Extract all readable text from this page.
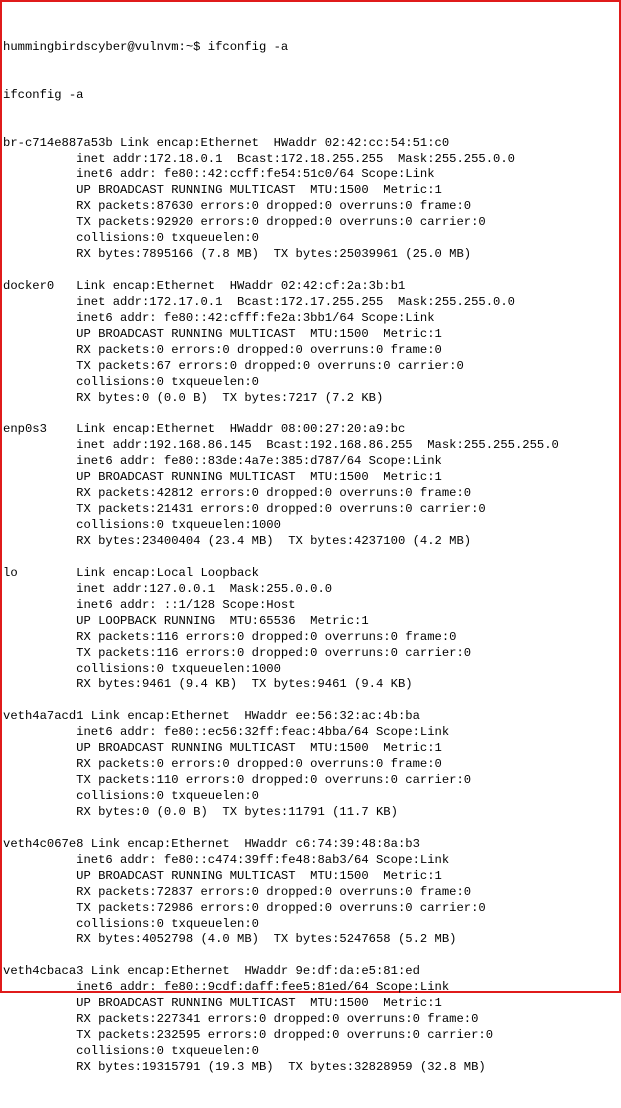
hummingbirdscyber@vulnvm:~$ ifconfig -a

ifconfig -a

br-c714e887a53b Link encap:Ethernet  HWaddr 02:42:cc:54:51:c0
inet addr:172.18.0.1  Bcast:172.18.255.255  Mask:255.255.0.0
inet6 addr: fe80::42:ccff:fe54:51c0/64 Scope:Link
UP BROADCAST RUNNING MULTICAST  MTU:1500  Metric:1
RX packets:87630 errors:0 dropped:0 overruns:0 frame:0
TX packets:92920 errors:0 dropped:0 overruns:0 carrier:0
collisions:0 txqueuelen:0
RX bytes:7895166 (7.8 MB)  TX bytes:25039961 (25.0 MB)
docker0   Link encap:Ethernet  HWaddr 02:42:cf:2a:3b:b1
inet addr:172.17.0.1  Bcast:172.17.255.255  Mask:255.255.0.0
inet6 addr: fe80::42:cfff:fe2a:3bb1/64 Scope:Link
UP BROADCAST RUNNING MULTICAST  MTU:1500  Metric:1
RX packets:0 errors:0 dropped:0 overruns:0 frame:0
TX packets:67 errors:0 dropped:0 overruns:0 carrier:0
collisions:0 txqueuelen:0
RX bytes:0 (0.0 B)  TX bytes:7217 (7.2 KB)
enp0s3    Link encap:Ethernet  HWaddr 08:00:27:20:a9:bc
inet addr:192.168.86.145  Bcast:192.168.86.255  Mask:255.255.255.0
inet6 addr: fe80::83de:4a7e:385:d787/64 Scope:Link
UP BROADCAST RUNNING MULTICAST  MTU:1500  Metric:1
RX packets:42812 errors:0 dropped:0 overruns:0 frame:0
TX packets:21431 errors:0 dropped:0 overruns:0 carrier:0
collisions:0 txqueuelen:1000
RX bytes:23400404 (23.4 MB)  TX bytes:4237100 (4.2 MB)
lo        Link encap:Local Loopback
inet addr:127.0.0.1  Mask:255.0.0.0
inet6 addr: ::1/128 Scope:Host
UP LOOPBACK RUNNING  MTU:65536  Metric:1
RX packets:116 errors:0 dropped:0 overruns:0 frame:0
TX packets:116 errors:0 dropped:0 overruns:0 carrier:0
collisions:0 txqueuelen:1000
RX bytes:9461 (9.4 KB)  TX bytes:9461 (9.4 KB)
veth4a7acd1 Link encap:Ethernet  HWaddr ee:56:32:ac:4b:ba
inet6 addr: fe80::ec56:32ff:feac:4bba/64 Scope:Link
UP BROADCAST RUNNING MULTICAST  MTU:1500  Metric:1
RX packets:0 errors:0 dropped:0 overruns:0 frame:0
TX packets:110 errors:0 dropped:0 overruns:0 carrier:0
collisions:0 txqueuelen:0
RX bytes:0 (0.0 B)  TX bytes:11791 (11.7 KB)
veth4c067e8 Link encap:Ethernet  HWaddr c6:74:39:48:8a:b3
inet6 addr: fe80::c474:39ff:fe48:8ab3/64 Scope:Link
UP BROADCAST RUNNING MULTICAST  MTU:1500  Metric:1
RX packets:72837 errors:0 dropped:0 overruns:0 frame:0
TX packets:72986 errors:0 dropped:0 overruns:0 carrier:0
collisions:0 txqueuelen:0
RX bytes:4052798 (4.0 MB)  TX bytes:5247658 (5.2 MB)
veth4cbaca3 Link encap:Ethernet  HWaddr 9e:df:da:e5:81:ed
inet6 addr: fe80::9cdf:daff:fee5:81ed/64 Scope:Link
UP BROADCAST RUNNING MULTICAST  MTU:1500  Metric:1
RX packets:227341 errors:0 dropped:0 overruns:0 frame:0
TX packets:232595 errors:0 dropped:0 overruns:0 carrier:0
collisions:0 txqueuelen:0
RX bytes:19315791 (19.3 MB)  TX bytes:32828959 (32.8 MB)
